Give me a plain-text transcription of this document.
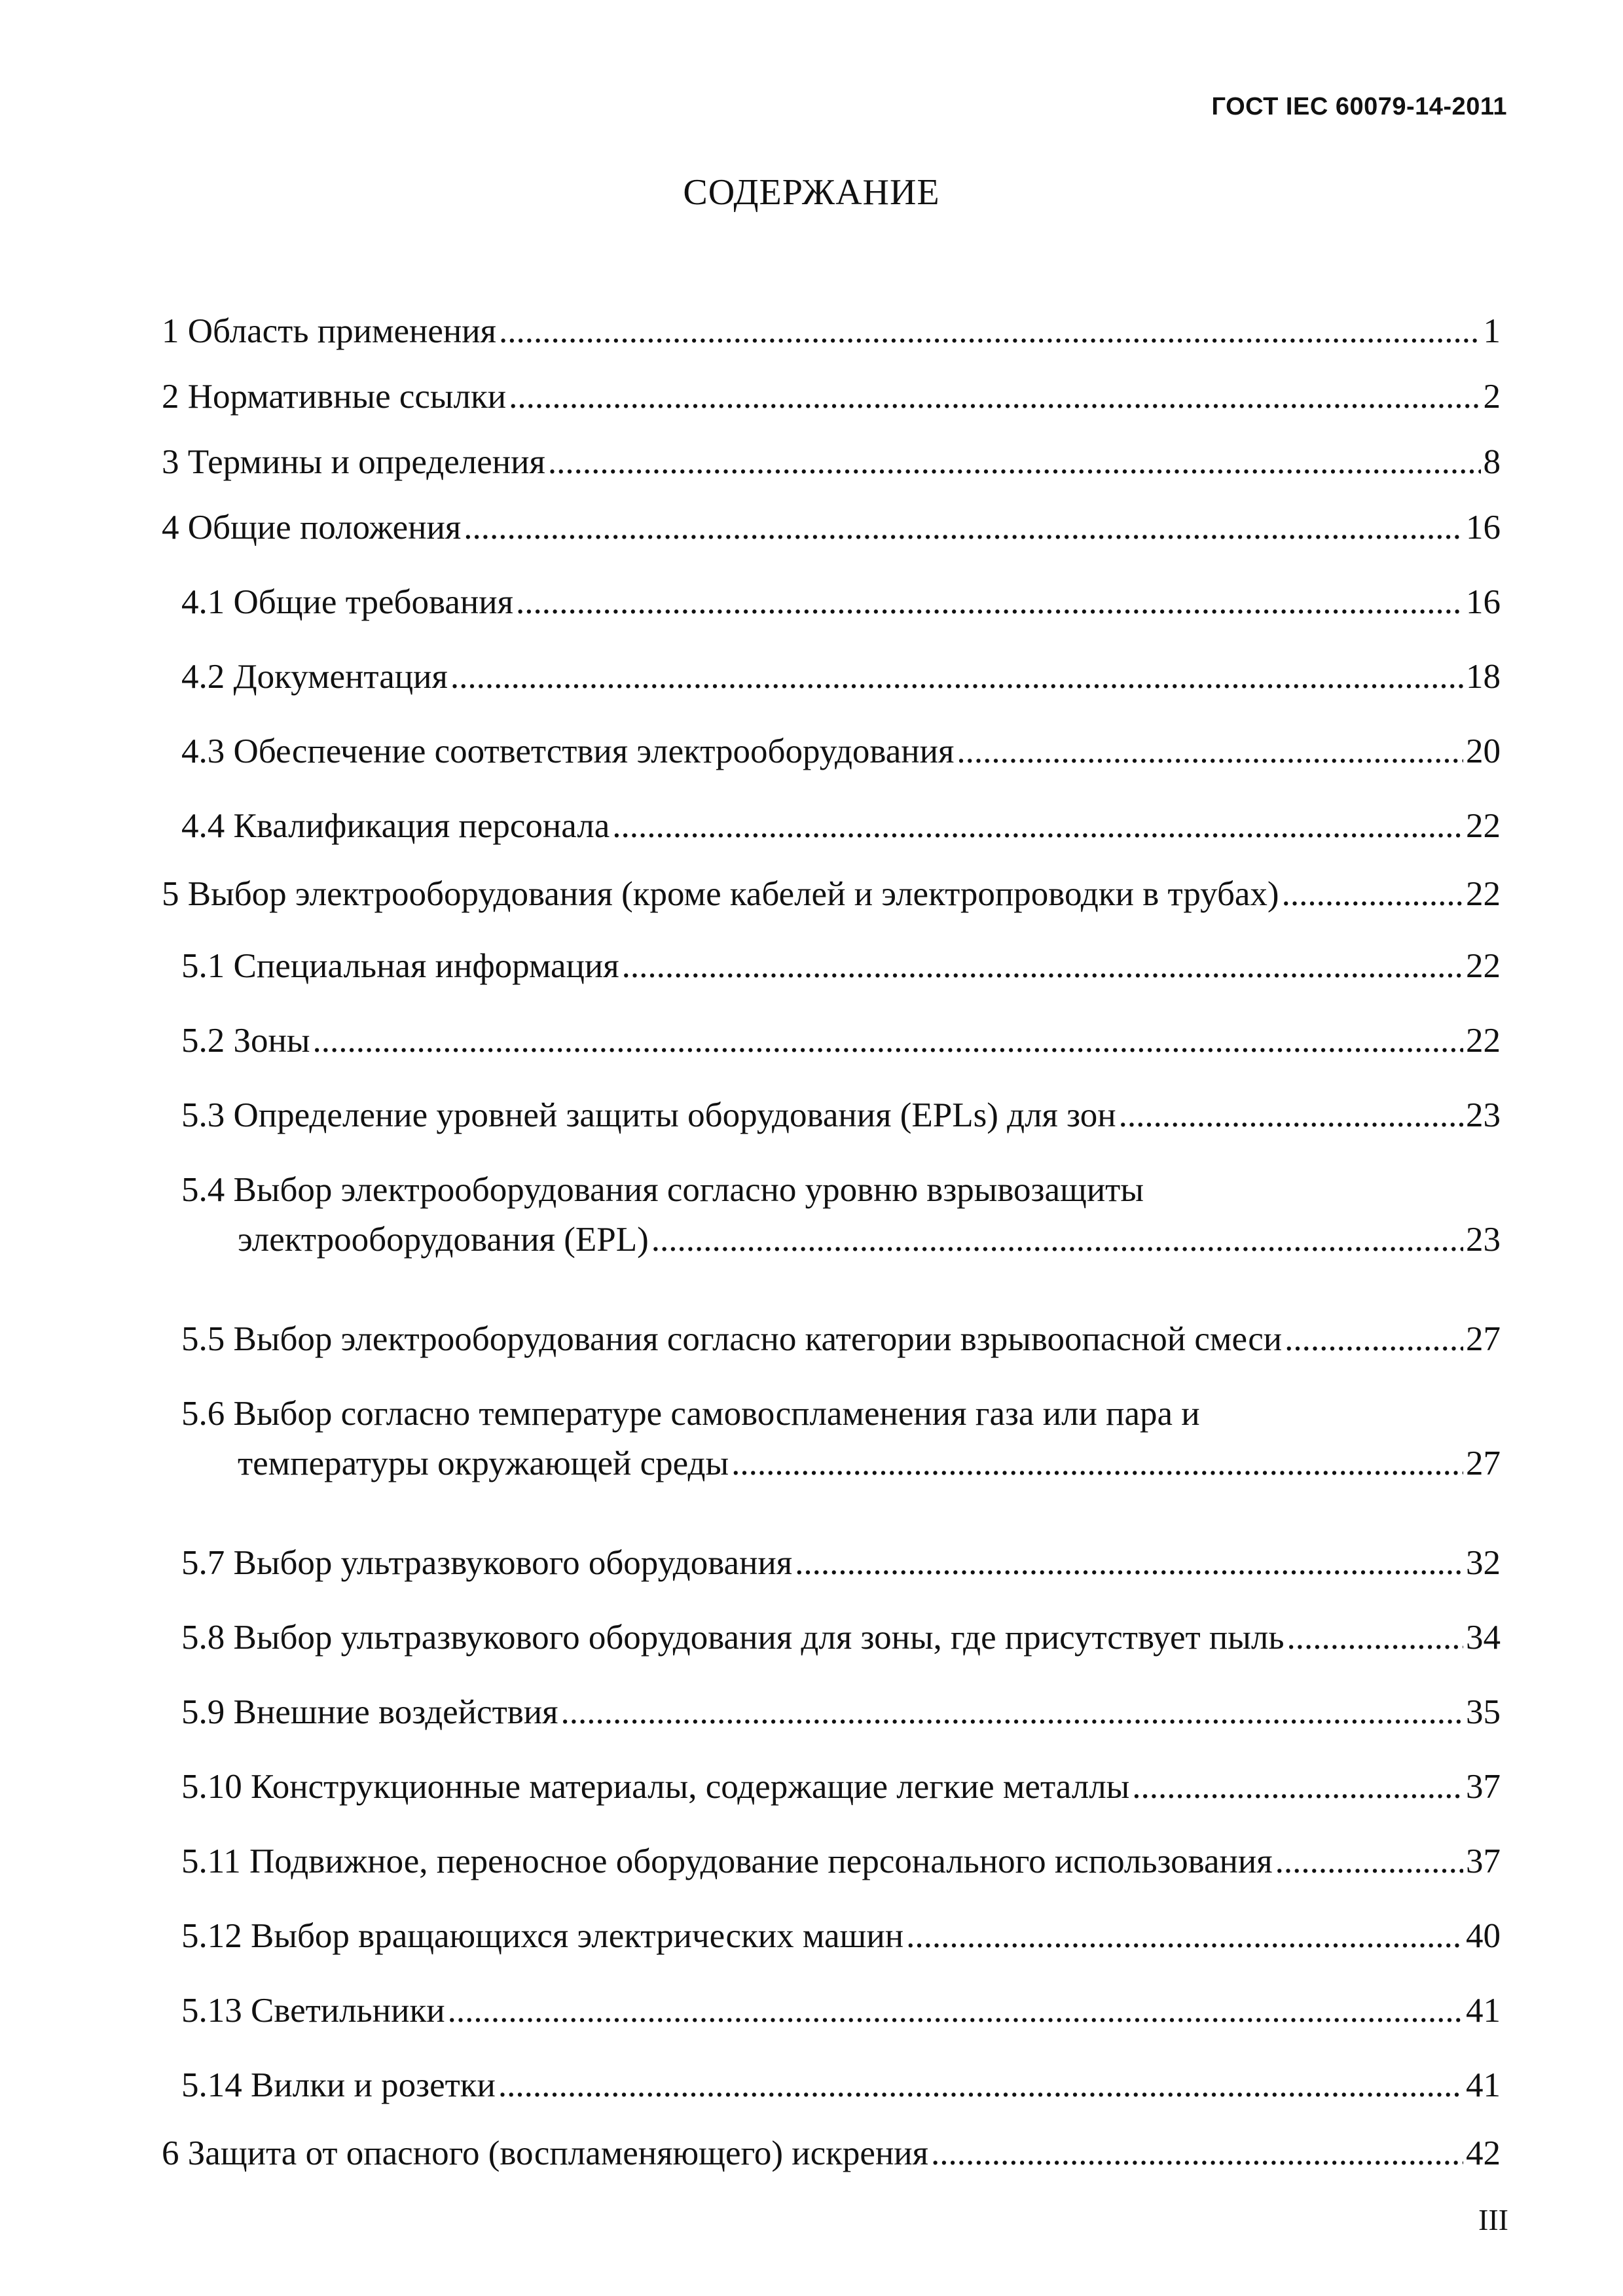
ГОСТ IEC 60079-14-2011
СОДЕРЖАНИЕ
1 Область применения .....	1
2 Нормативные ссылки .....	2
3 Термины и определения .....	8
4 Общие положения .....	16
4.1 Общие требования .....	16
4.2 Документация .....	18
4.3 Обеспечение соответствия электрооборудования .....	20
4.4 Квалификация персонала .....	22
5 Выбор электрооборудования (кроме кабелей и электропроводки в трубах) .....	22
5.1 Специальная информация .....	22
5.2 Зоны .....	22
5.3 Определение уровней защиты оборудования (EPLs) для зон .....	23
5.4 Выбор электрооборудования согласно уровню взрывозащиты
электрооборудования (EPL) .....	23
5.5 Выбор электрооборудования согласно категории взрывоопасной смеси .....	27
5.6 Выбор согласно температуре самовоспламенения газа или пара и
температуры окружающей среды .....	27
5.7 Выбор ультразвукового оборудования .....	32
5.8 Выбор ультразвукового оборудования для зоны, где присутствует пыль .....	34
5.9 Внешние воздействия .....	35
5.10 Конструкционные материалы, содержащие легкие металлы .....	37
5.11 Подвижное, переносное оборудование персонального использования .....	37
5.12 Выбор вращающихся электрических машин .....	40
5.13 Светильники .....	41
5.14 Вилки и розетки .....	41
6 Защита от опасного (воспламеняющего) искрения .....	42
III
